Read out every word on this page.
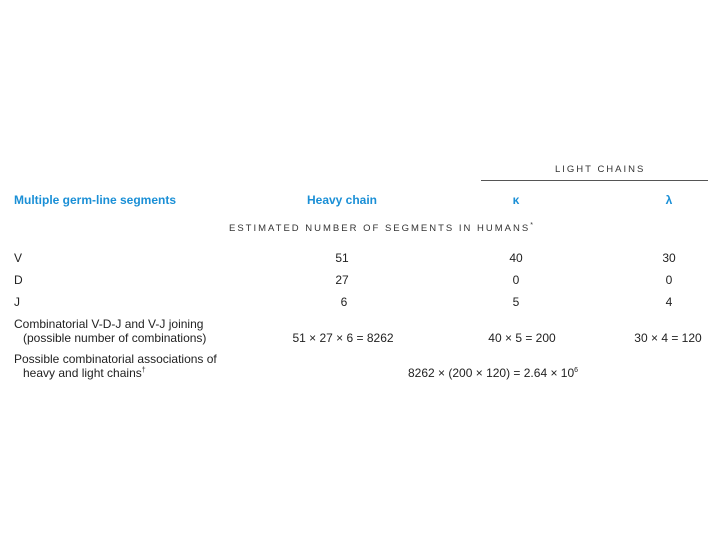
LIGHT CHAINS
Multiple germ-line segments	Heavy chain	κ	λ
ESTIMATED NUMBER OF SEGMENTS IN HUMANS*
V	51	40	30
D	27	0	0
J	6	5	4
Combinatorial V-D-J and V-J joining
(possible number of combinations)	51 × 27 × 6 = 8262	40 × 5 = 200	30 × 4 = 120
Possible combinatorial associations of
heavy and light chains†	$8262 \times (200 \times 120) = 2.64 \times 10^6$
